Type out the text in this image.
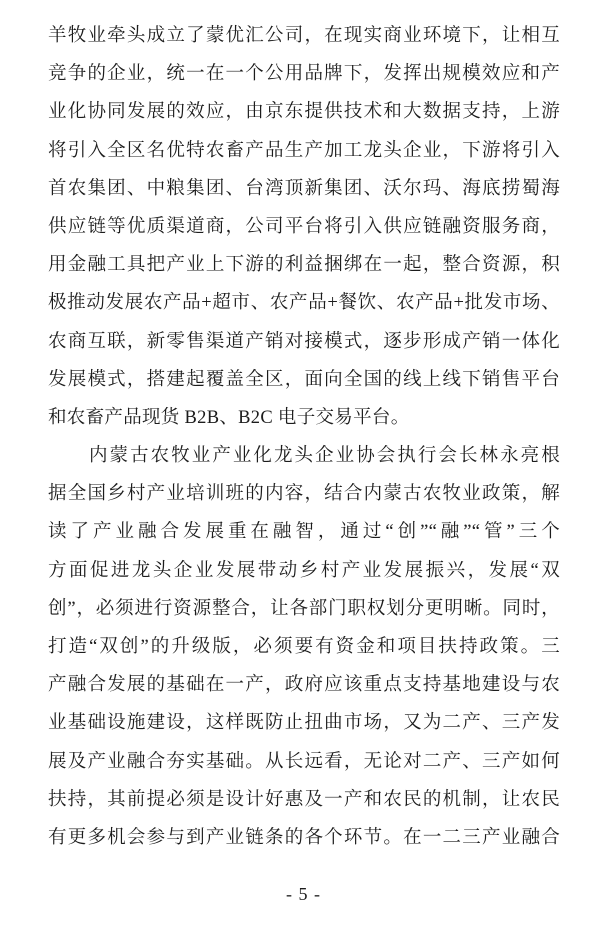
羊牧业牵头成立了蒙优汇公司，在现实商业环境下，让相互
竞争的企业，统一在一个公用品牌下，发挥出规模效应和产
业化协同发展的效应，由京东提供技术和大数据支持，上游
将引入全区名优特农畜产品生产加工龙头企业，下游将引入
首农集团、中粮集团、台湾顶新集团、沃尔玛、海底捞蜀海
供应链等优质渠道商，公司平台将引入供应链融资服务商，
用金融工具把产业上下游的利益捆绑在一起，整合资源，积
极推动发展农产品+超市、农产品+餐饮、农产品+批发市场、
农商互联，新零售渠道产销对接模式，逐步形成产销一体化
发展模式，搭建起覆盖全区，面向全国的线上线下销售平台
和农畜产品现货 B2B、B2C 电子交易平台。
内蒙古农牧业产业化龙头企业协会执行会长林永亮根
据全国乡村产业培训班的内容，结合内蒙古农牧业政策，解
读了产业融合发展重在融智，通过“创”“融”“管”三个
方面促进龙头企业发展带动乡村产业发展振兴，发展“双
创”，必须进行资源整合，让各部门职权划分更明晰。同时，
打造“双创”的升级版，必须要有资金和项目扶持政策。三
产融合发展的基础在一产，政府应该重点支持基地建设与农
业基础设施建设，这样既防止扭曲市场，又为二产、三产发
展及产业融合夯实基础。从长远看，无论对二产、三产如何
扶持，其前提必须是设计好惠及一产和农民的机制，让农民
有更多机会参与到产业链条的各个环节。在一二三产业融合
- 5 -
